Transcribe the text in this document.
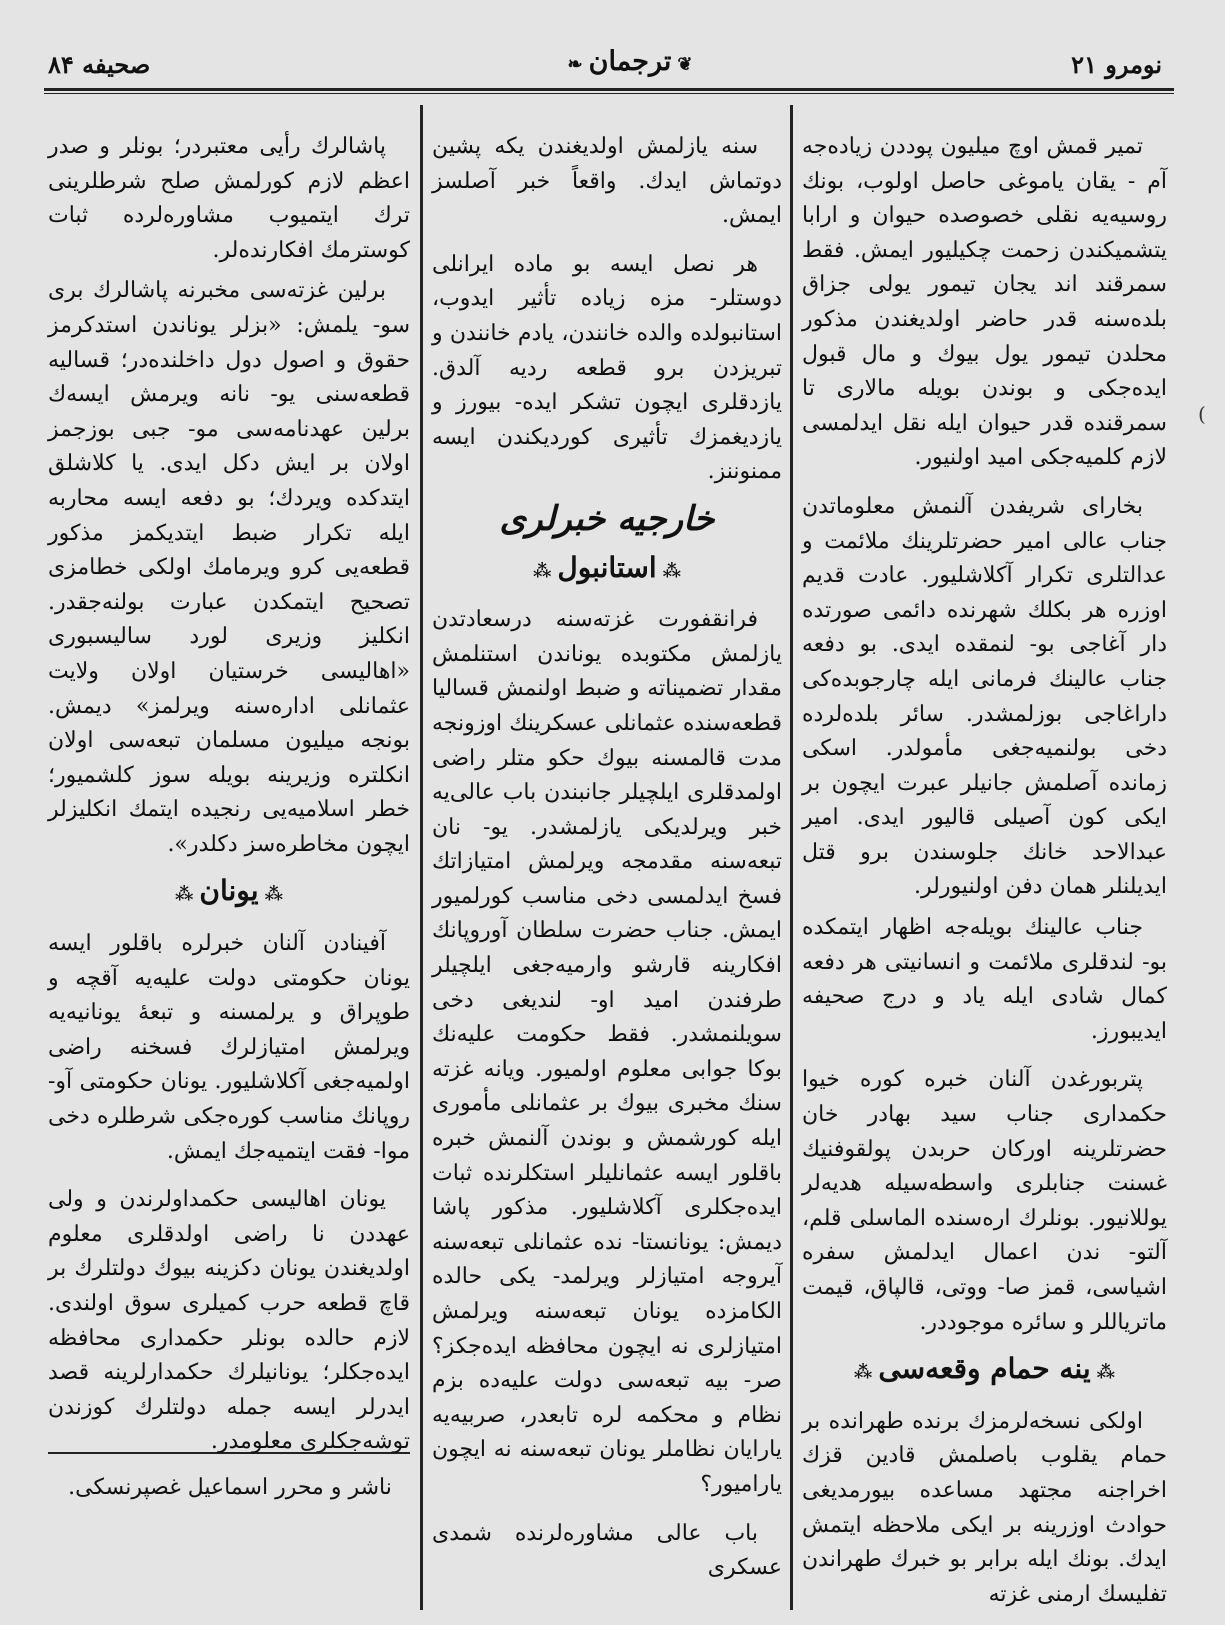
نومرو ۲۱
❦ترجمان❧
صحیفه ۸۴
(

تمیر قمش اوچ میلیون پوددن زیاده‌جه آم - یقان یاموغی حاصل اولوب، بونك روسیه‌یه نقلی خصوصده حیوان و ارابا یتشمیکندن زحمت چکیلیور ایمش. فقط سمرقند اند یجان تیمور یولی جزاق بلده‌سنه قدر حاضر اولدیغندن مذکور محلدن تیمور یول بیوك و مال قبول ایده‌جکی و بوندن بویله مالاری تا سمرقنده قدر حیوان ایله نقل ایدلمسی لازم کلمیه‌جکی امید اولنیور.

بخارای شریفدن آلنمش معلوماتدن جناب عالی امیر حضرتلرینك ملائمت و عدالتلری تکرار آکلاشلیور. عادت قدیم اوزره هر بکلك شهرنده دائمی صورتده دار آغاجی بو- لنمقده ایدی. بو دفعه جناب عالینك فرمانی ایله چارجوبده‌کی داراغاجی بوزلمشدر. سائر بلده‌لرده دخی بولنمیه‌جغی مأمولدر. اسکی زمانده آصلمش جانیلر عبرت ایچون بر ایکی کون آصیلی قالیور ایدی. امیر عبدالاحد خانك جلوسندن برو قتل ایدیلنلر همان دفن اولنیورلر.

جناب عالینك بویله‌جه اظهار ایتمکده بو- لندقلری ملائمت و انسانیتی هر دفعه کمال شادی ایله یاد و درج صحیفه ایدیبورز.

پتربورغدن آلنان خبره کوره خیوا حکمداری جناب سید بهادر خان حضرتلرینه اورکان حربدن پولقوفنیك غسنت جنابلری واسطه‌سیله هدیه‌لر یوللانیور. بونلرك ارەسنده الماسلی قلم، آلتو- ندن اعمال ایدلمش سفره اشیاسی، قمز صا- ووتی، قالپاق، قیمت ماتریاللر و سائره موجوددر.

⁂ینه حمام وقعه‌سی⁂

اولکی نسخه‌لرمزك برنده طهرانده بر حمام یقلوب باصلمش قادین قزك اخراجنه مجتهد مساعده بیورمدیغی حوادث اوزرینه بر ایکی ملاحظه ایتمش ایدك. بونك ایله برابر بو خبرك طهراندن تفلیسك ارمنی غزته

سنه یازلمش اولدیغندن یکه پشین دوتماش ایدك. واقعاً خبر آصلسز ایمش.

هر نصل ایسه بو ماده ایرانلی دوستلر- مزه زیاده تأثیر ایدوب، استانبولده والده خانندن، یادم خانندن و تبریزدن برو قطعه ردیه آلدق. یازدقلری ایچون تشکر ایده- بیورز و یازدیغمزك تأثیری کوردیکندن ایسه ممنوننز.

خارجیه خبرلری
⁂استانبول⁂

فرانقفورت غزته‌سنه درسعادتدن یازلمش مکتوبده یوناندن استنلمش مقدار تضمیناته و ضبط اولنمش قسالیا قطعه‌سنده عثمانلی عسکرینك اوزونجه مدت قالمسنه بیوك حکو متلر راضی اولمدقلری ایلچیلر جانبندن باب عالی‌یه خبر ویرلدیکی یازلمشدر. یو- نان تبعه‌سنه مقدمجه ویرلمش امتیازاتك فسخ ایدلمسی دخی مناسب کورلمیور ایمش. جناب حضرت سلطان آوروپانك افکارینه قارشو وارمیه‌جغی ایلچیلر طرفندن امید او- لندیغی دخی سویلنمشدر. فقط حکومت علیه‌نك بوکا جوابی معلوم اولمیور. ویانه غزته سنك مخبری بیوك بر عثمانلی مأموری ایله کورشمش و بوندن آلنمش خبره باقلور ایسه عثمانلیلر استکلرنده ثبات ایده‌جکلری آکلاشلیور. مذکور پاشا دیمش: یونانستا- نده عثمانلی تبعه‌سنه آیروجه امتیازلر ویرلمد- یکی حالده الکامزده یونان تبعه‌سنه ویرلمش امتیازلری نه ایچون محافظه ایده‌جکز؟ صر- بیه تبعه‌سی دولت علیه‌ده بزم نظام و محکمه لره تابعدر، صربیه‌یه یارایان نظاملر یونان تبعه‌سنه نه ایچون یارامیور؟

باب عالی مشاوره‌لرنده شمدی عسکری

پاشالرك رأیی معتبردر؛ بونلر و صدر اعظم لازم کورلمش صلح شرطلرینی ترك ایتمیوب مشاوره‌لرده ثبات کوسترمك افکارنده‌لر.

برلین غزته‌سی مخبرنه پاشالرك بری سو- یلمش: «بزلر یوناندن استدکرمز حقوق و اصول دول داخلنده‌در؛ قسالیه قطعه‌سنی یو- نانه ویرمش ایسەك برلین عهدنامه‌سی مو- جبی بوزجمز اولان بر ایش دکل ایدی. یا کلاشلق ایتدکده ویردك؛ بو دفعه ایسه محاربه ایله تکرار ضبط ایتدیکمز مذکور قطعه‌یی کرو ویرمامك اولکی خطامزی تصحیح ایتمکدن عبارت بولنه‌جقدر. انکلیز وزیری لورد سالیسبوری «اهالیسی خرستیان اولان ولایت عثمانلی اداره‌سنه ویرلمز» دیمش. بونجه میلیون مسلمان تبعه‌سی اولان انکلتره وزیرینه بویله سوز کلشمیور؛ خطر اسلامیه‌یی رنجیده ایتمك انکلیزلر ایچون مخاطره‌سز دکلدر».

⁂یونان⁂

آفینادن آلنان خبرلره باقلور ایسه یونان حکومتی دولت علیه‌یه آقچه و طوپراق و یرلمسنه و تبعهٔ یونانیه‌یه ویرلمش امتیازلرك فسخنه راضی اولمیه‌جغی آکلاشلیور. یونان حکومتی آو- روپانك مناسب کوره‌جکی شرطلره دخی موا- فقت ایتمیه‌جك ایمش.

یونان اهالیسی حکمداولرندن و ولی عهددن نا راضی اولدقلری معلوم اولدیغندن یونان دکزینه بیوك دولتلرك بر قاچ قطعه حرب کمیلری سوق اولندی. لازم حالده بونلر حکمداری محافظه ایده‌جکلر؛ یونانیلرك حکمدارلرینه قصد ایدرلر ایسه جمله دولتلرك کوزندن توشه‌جکلری معلومدر.

ناشر و محرر اسماعیل غصپرنسکی.
